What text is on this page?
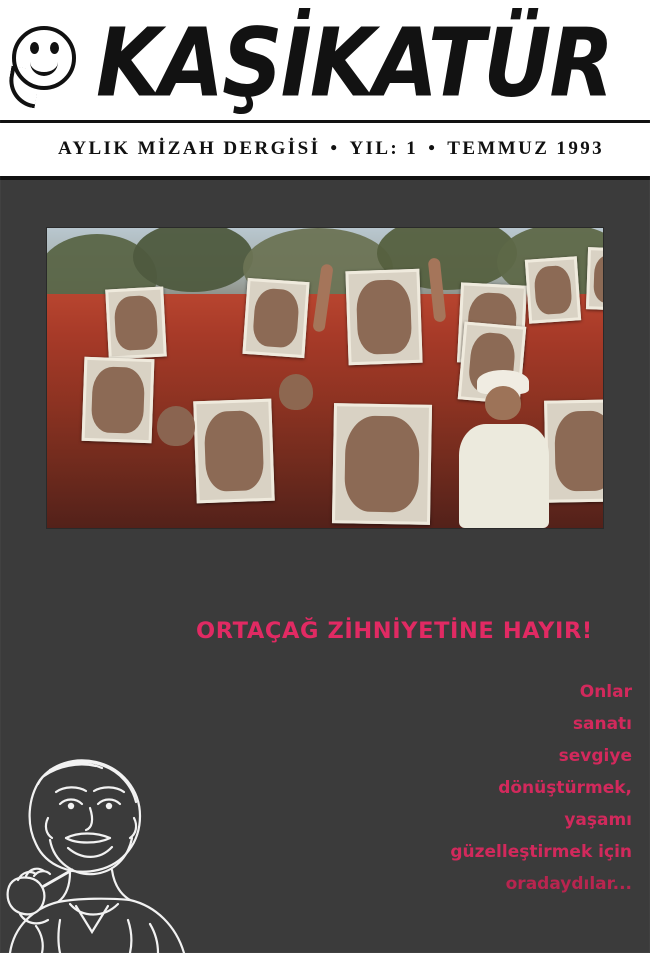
KAŞİKATÜR
AYLIK MİZAH DERGİSİ • YIL: 1 • TEMMUZ 1993
ORTAÇAĞ ZİHNİYETİNE HAYIR!
Onlar
sanatı
sevgiye
dönüştürmek,
yaşamı
güzelleştirmek için
oradaydılar...
